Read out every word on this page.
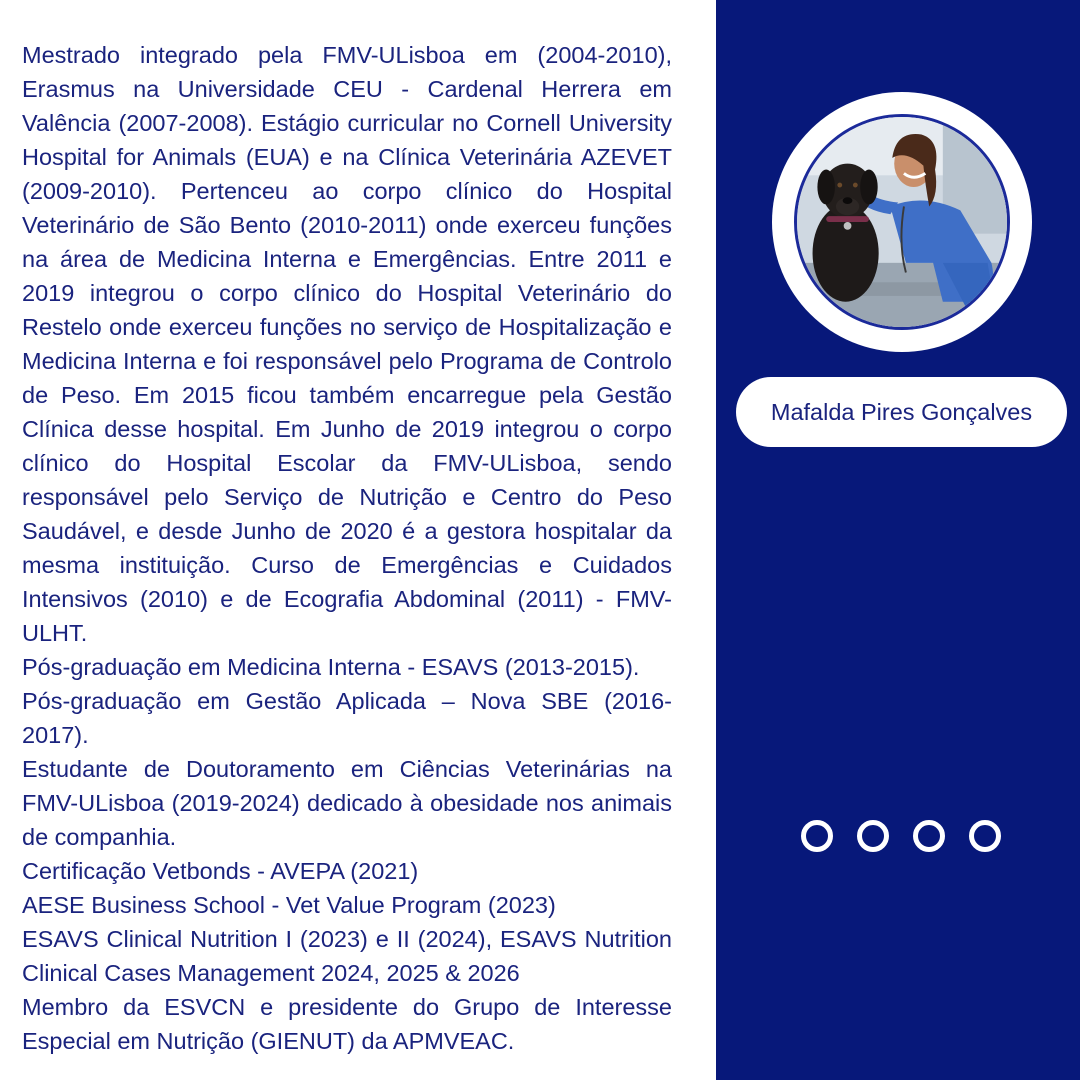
Mestrado integrado pela FMV-ULisboa em (2004-2010), Erasmus na Universidade CEU - Cardenal Herrera em Valência (2007-2008). Estágio curricular no Cornell University Hospital for Animals (EUA) e na Clínica Veterinária AZEVET (2009-2010). Pertenceu ao corpo clínico do Hospital Veterinário de São Bento (2010-2011) onde exerceu funções na área de Medicina Interna e Emergências. Entre 2011 e 2019 integrou o corpo clínico do Hospital Veterinário do Restelo onde exerceu funções no serviço de Hospitalização e Medicina Interna e foi responsável pelo Programa de Controlo de Peso. Em 2015 ficou também encarregue pela Gestão Clínica desse hospital. Em Junho de 2019 integrou o corpo clínico do Hospital Escolar da FMV-ULisboa, sendo responsável pelo Serviço de Nutrição e Centro do Peso Saudável, e desde Junho de 2020 é a gestora hospitalar da mesma instituição. Curso de Emergências e Cuidados Intensivos (2010) e de Ecografia Abdominal (2011) - FMV-ULHT.

Pós-graduação em Medicina Interna - ESAVS (2013-2015).

Pós-graduação em Gestão Aplicada – Nova SBE (2016-2017).

Estudante de Doutoramento em Ciências Veterinárias na FMV-ULisboa (2019-2024) dedicado à obesidade nos animais de companhia.

Certificação Vetbonds - AVEPA (2021)

AESE Business School - Vet Value Program (2023)

ESAVS Clinical Nutrition I (2023) e II (2024), ESAVS Nutrition Clinical Cases Management 2024, 2025 & 2026

Membro da ESVCN e presidente do Grupo de Interesse Especial em Nutrição (GIENUT) da APMVEAC.

Mafalda Pires Gonçalves
